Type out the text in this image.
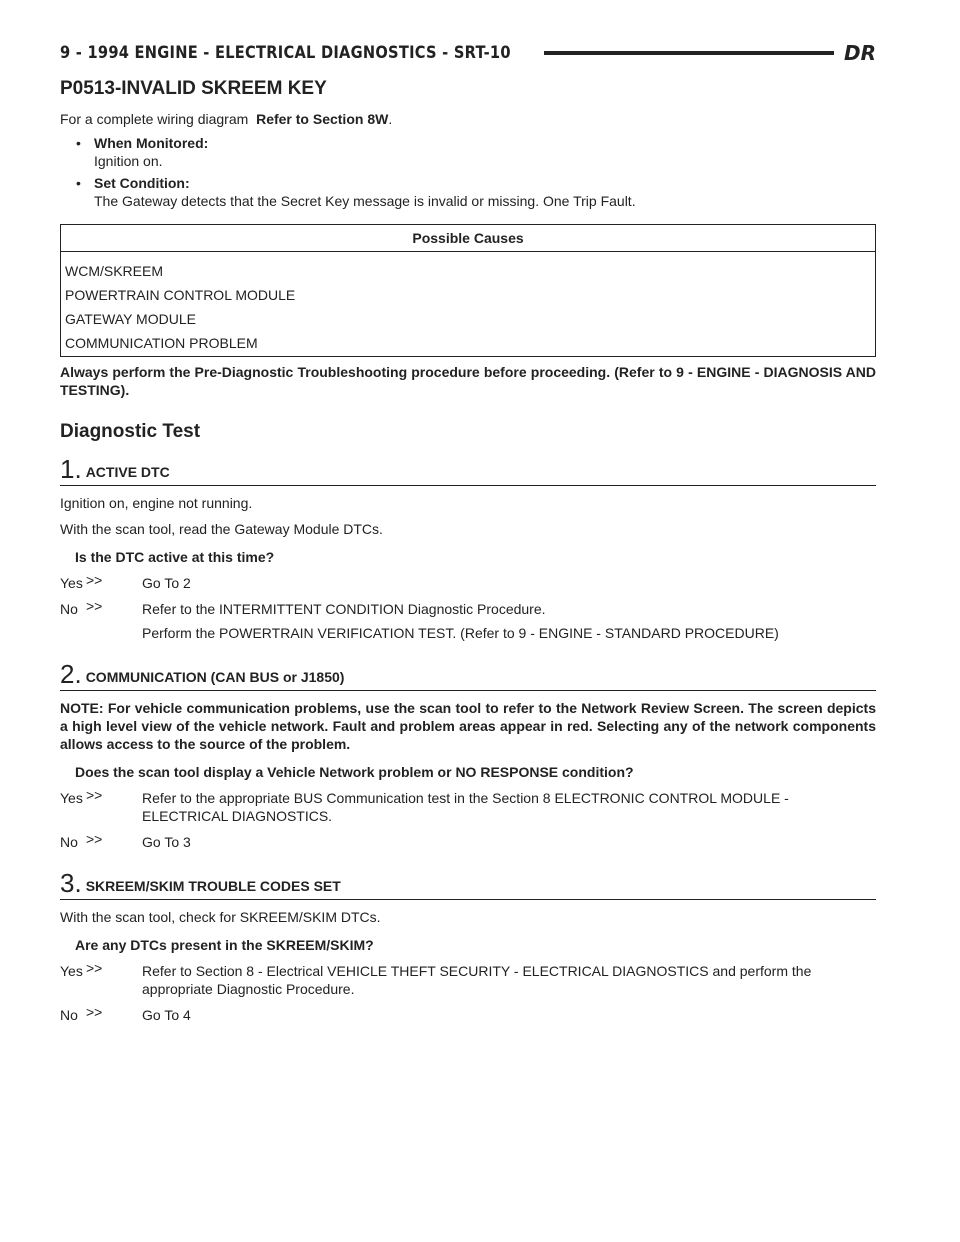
9 - 1994 ENGINE - ELECTRICAL DIAGNOSTICS - SRT-10	DR
P0513-INVALID SKREEM KEY

For a complete wiring diagram Refer to Section 8W.

• When Monitored:
Ignition on.
• Set Condition:
The Gateway detects that the Secret Key message is invalid or missing. One Trip Fault.
Possible Causes
WCM/SKREEM
POWERTRAIN CONTROL MODULE
GATEWAY MODULE
COMMUNICATION PROBLEM

Always perform the Pre-Diagnostic Troubleshooting procedure before proceeding. (Refer to 9 - ENGINE - DIAGNOSIS AND TESTING).

Diagnostic Test
1. ACTIVE DTC

Ignition on, engine not running.

With the scan tool, read the Gateway Module DTCs.

Is the DTC active at this time?

Yes >>	Go To 2

No >>	Refer to the INTERMITTENT CONDITION Diagnostic Procedure.

Perform the POWERTRAIN VERIFICATION TEST. (Refer to 9 - ENGINE - STANDARD PROCEDURE)

2. COMMUNICATION (CAN BUS or J1850)

NOTE: For vehicle communication problems, use the scan tool to refer to the Network Review Screen. The screen depicts a high level view of the vehicle network. Fault and problem areas appear in red. Selecting any of the network components allows access to the source of the problem.

Does the scan tool display a Vehicle Network problem or NO RESPONSE condition?

Yes >>	Refer to the appropriate BUS Communication test in the Section 8 ELECTRONIC CONTROL MODULE - ELECTRICAL DIAGNOSTICS.

No >>	Go To 3

3. SKREEM/SKIM TROUBLE CODES SET

With the scan tool, check for SKREEM/SKIM DTCs.

Are any DTCs present in the SKREEM/SKIM?

Yes >>	Refer to Section 8 - Electrical VEHICLE THEFT SECURITY - ELECTRICAL DIAGNOSTICS and perform the appropriate Diagnostic Procedure.

No >>	Go To 4
